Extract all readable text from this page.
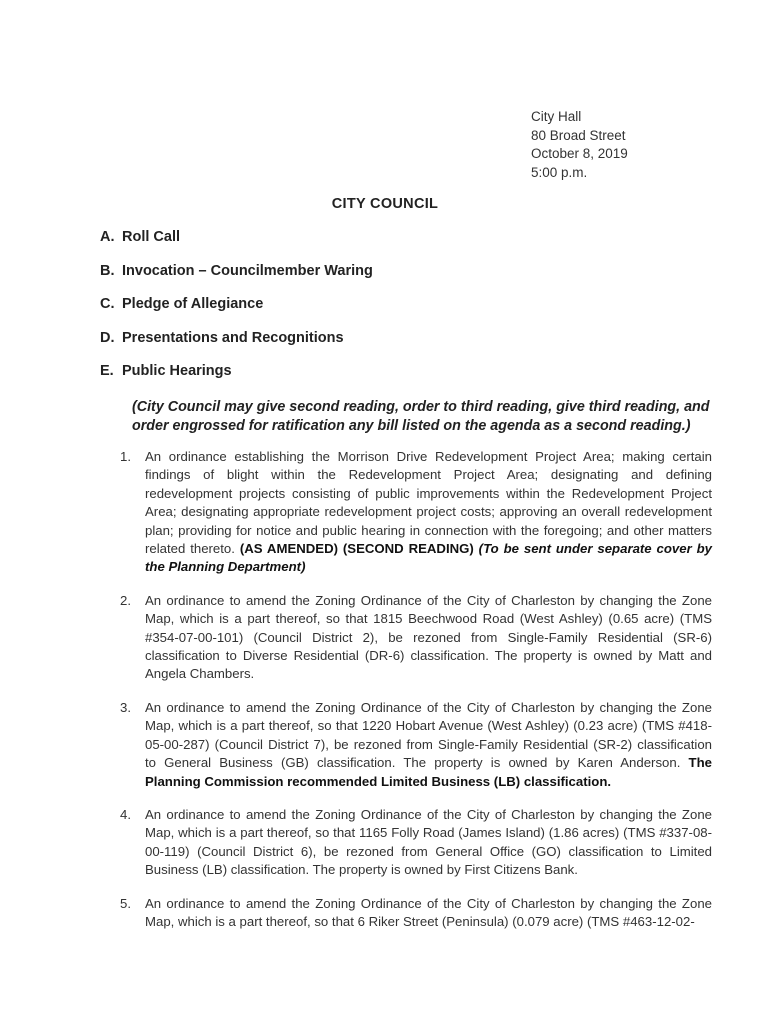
City Hall
80 Broad Street
October 8, 2019
5:00 p.m.
CITY COUNCIL
A. Roll Call
B. Invocation – Councilmember Waring
C. Pledge of Allegiance
D. Presentations and Recognitions
E. Public Hearings
(City Council may give second reading, order to third reading, give third reading, and order engrossed for ratification any bill listed on the agenda as a second reading.)
1.	An ordinance establishing the Morrison Drive Redevelopment Project Area; making certain findings of blight within the Redevelopment Project Area; designating and defining redevelopment projects consisting of public improvements within the Redevelopment Project Area; designating appropriate redevelopment project costs; approving an overall redevelopment plan; providing for notice and public hearing in connection with the foregoing; and other matters related thereto. (AS AMENDED) (SECOND READING) (To be sent under separate cover by the Planning Department)
2.	An ordinance to amend the Zoning Ordinance of the City of Charleston by changing the Zone Map, which is a part thereof, so that 1815 Beechwood Road (West Ashley) (0.65 acre) (TMS #354-07-00-101) (Council District 2), be rezoned from Single-Family Residential (SR-6) classification to Diverse Residential (DR-6) classification. The property is owned by Matt and Angela Chambers.
3.	An ordinance to amend the Zoning Ordinance of the City of Charleston by changing the Zone Map, which is a part thereof, so that 1220 Hobart Avenue (West Ashley) (0.23 acre) (TMS #418-05-00-287) (Council District 7), be rezoned from Single-Family Residential (SR-2) classification to General Business (GB) classification. The property is owned by Karen Anderson. The Planning Commission recommended Limited Business (LB) classification.
4.	An ordinance to amend the Zoning Ordinance of the City of Charleston by changing the Zone Map, which is a part thereof, so that 1165 Folly Road (James Island) (1.86 acres) (TMS #337-08-00-119) (Council District 6), be rezoned from General Office (GO) classification to Limited Business (LB) classification. The property is owned by First Citizens Bank.
5.	An ordinance to amend the Zoning Ordinance of the City of Charleston by changing the Zone Map, which is a part thereof, so that 6 Riker Street (Peninsula) (0.079 acre) (TMS #463-12-02-
